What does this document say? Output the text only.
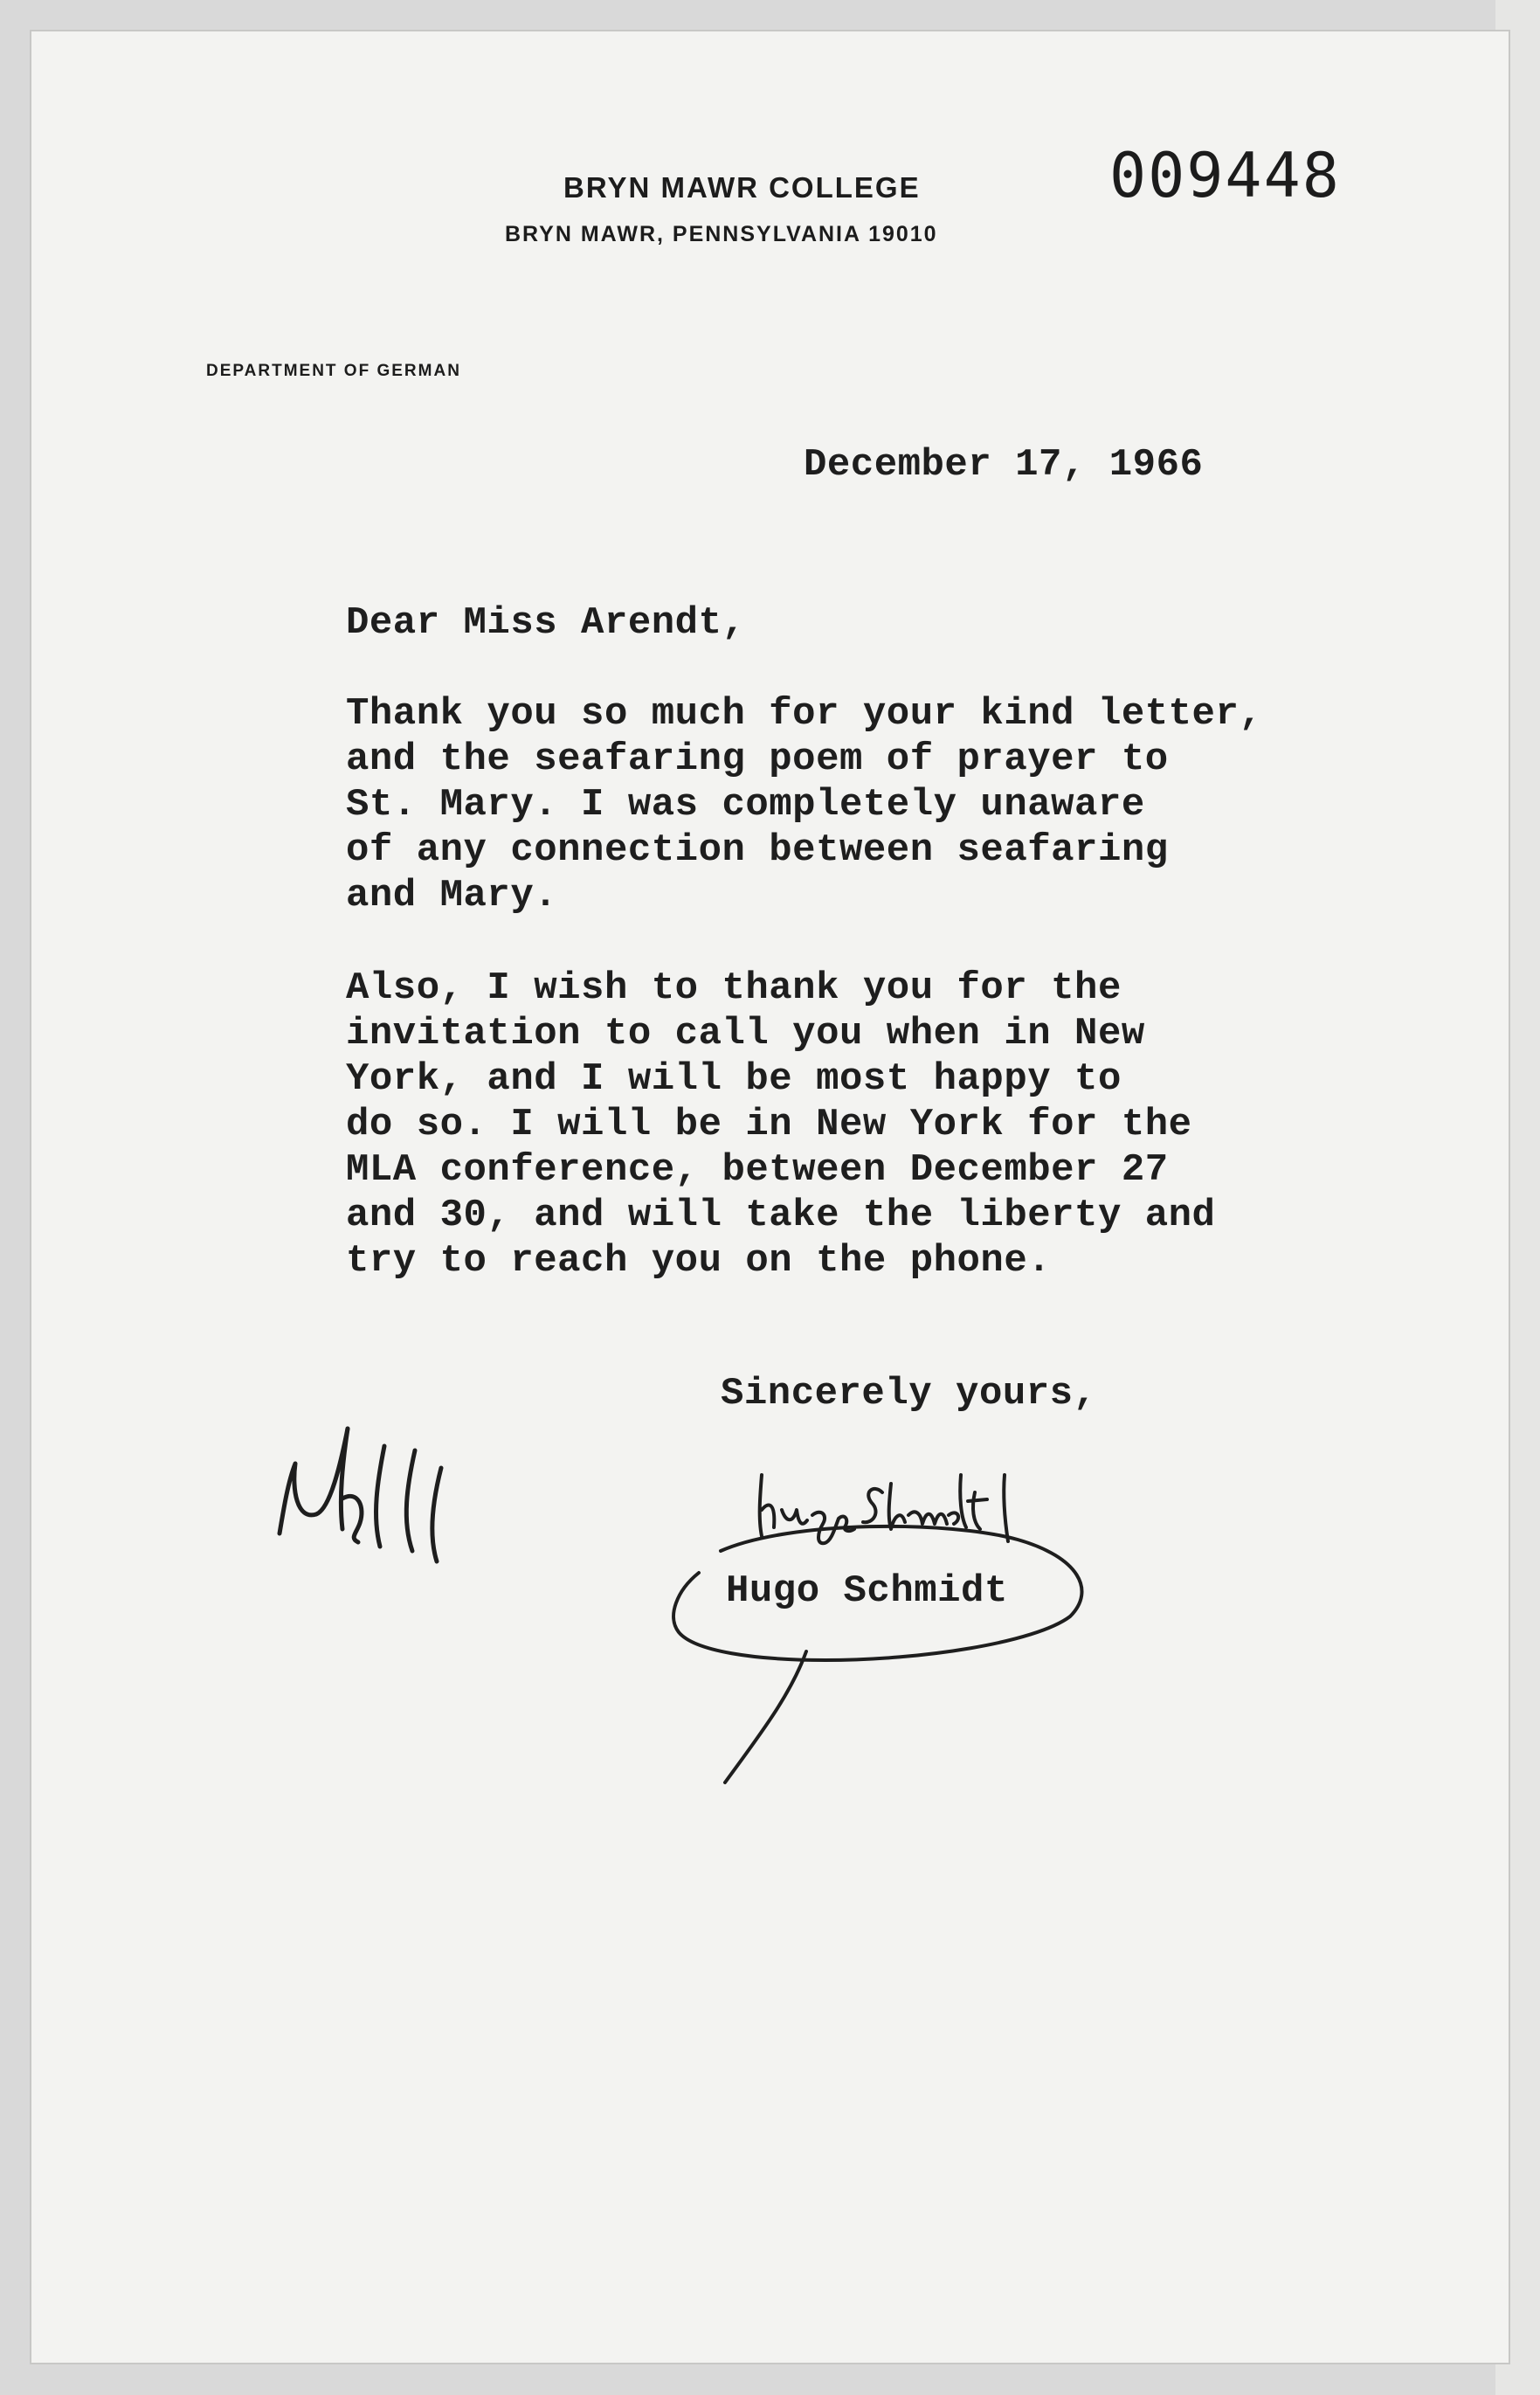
BRYN MAWR COLLEGE
BRYN MAWR, PENNSYLVANIA 19010
DEPARTMENT OF GERMAN
009448
December 17, 1966
Dear Miss Arendt,
Thank you so much for your kind letter,
and the seafaring poem of prayer to
St. Mary. I was completely unaware
of any connection between seafaring
and Mary.
Also, I wish to thank you for the
invitation to call you when in New
York, and I will be most happy to
do so. I will be in New York for the
MLA conference, between December 27
and 30, and will take the liberty and
try to reach you on the phone.
Sincerely yours,
Hugo Schmidt
